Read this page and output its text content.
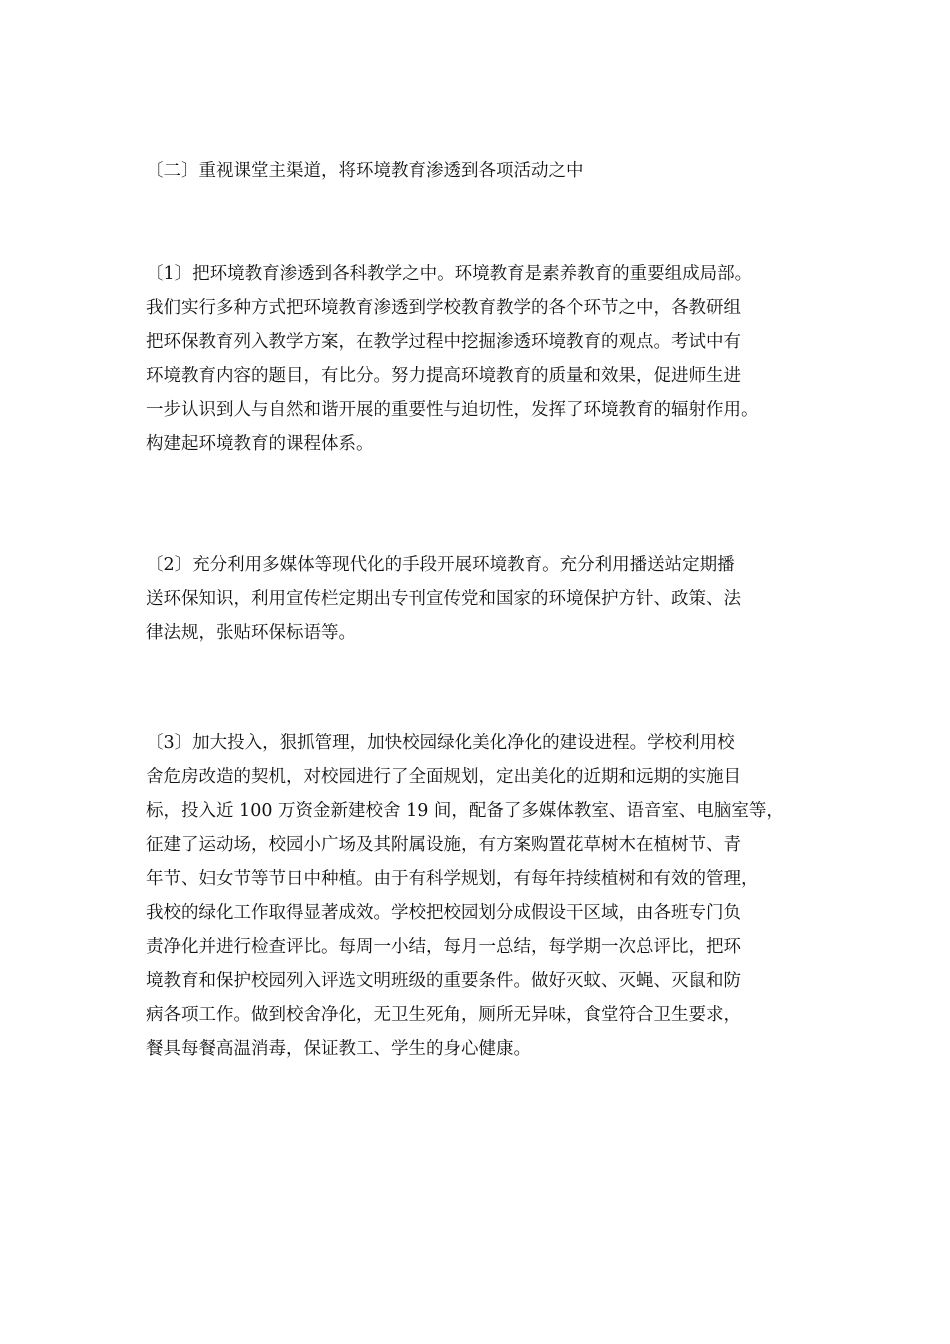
〔二〕重视课堂主渠道，将环境教育渗透到各项活动之中
〔1〕把环境教育渗透到各科教学之中。环境教育是素养教育的重要组成局部。
我们实行多种方式把环境教育渗透到学校教育教学的各个环节之中，各教研组
把环保教育列入教学方案，在教学过程中挖掘渗透环境教育的观点。考试中有
环境教育内容的题目，有比分。努力提高环境教育的质量和效果，促进师生进
一步认识到人与自然和谐开展的重要性与迫切性，发挥了环境教育的辐射作用。
构建起环境教育的课程体系。
〔2〕充分利用多媒体等现代化的手段开展环境教育。充分利用播送站定期播
送环保知识，利用宣传栏定期出专刊宣传党和国家的环境保护方针、政策、法
律法规，张贴环保标语等。
〔3〕加大投入，狠抓管理，加快校园绿化美化净化的建设进程。学校利用校
舍危房改造的契机，对校园进行了全面规划，定出美化的近期和远期的实施目
标，投入近 100 万资金新建校舍 19 间，配备了多媒体教室、语音室、电脑室等，
征建了运动场，校园小广场及其附属设施，有方案购置花草树木在植树节、青
年节、妇女节等节日中种植。由于有科学规划，有每年持续植树和有效的管理，
我校的绿化工作取得显著成效。学校把校园划分成假设干区域，由各班专门负
责净化并进行检查评比。每周一小结，每月一总结，每学期一次总评比，把环
境教育和保护校园列入评选文明班级的重要条件。做好灭蚊、灭蝇、灭鼠和防
病各项工作。做到校舍净化，无卫生死角，厕所无异味，食堂符合卫生要求，
餐具每餐高温消毒，保证教工、学生的身心健康。
